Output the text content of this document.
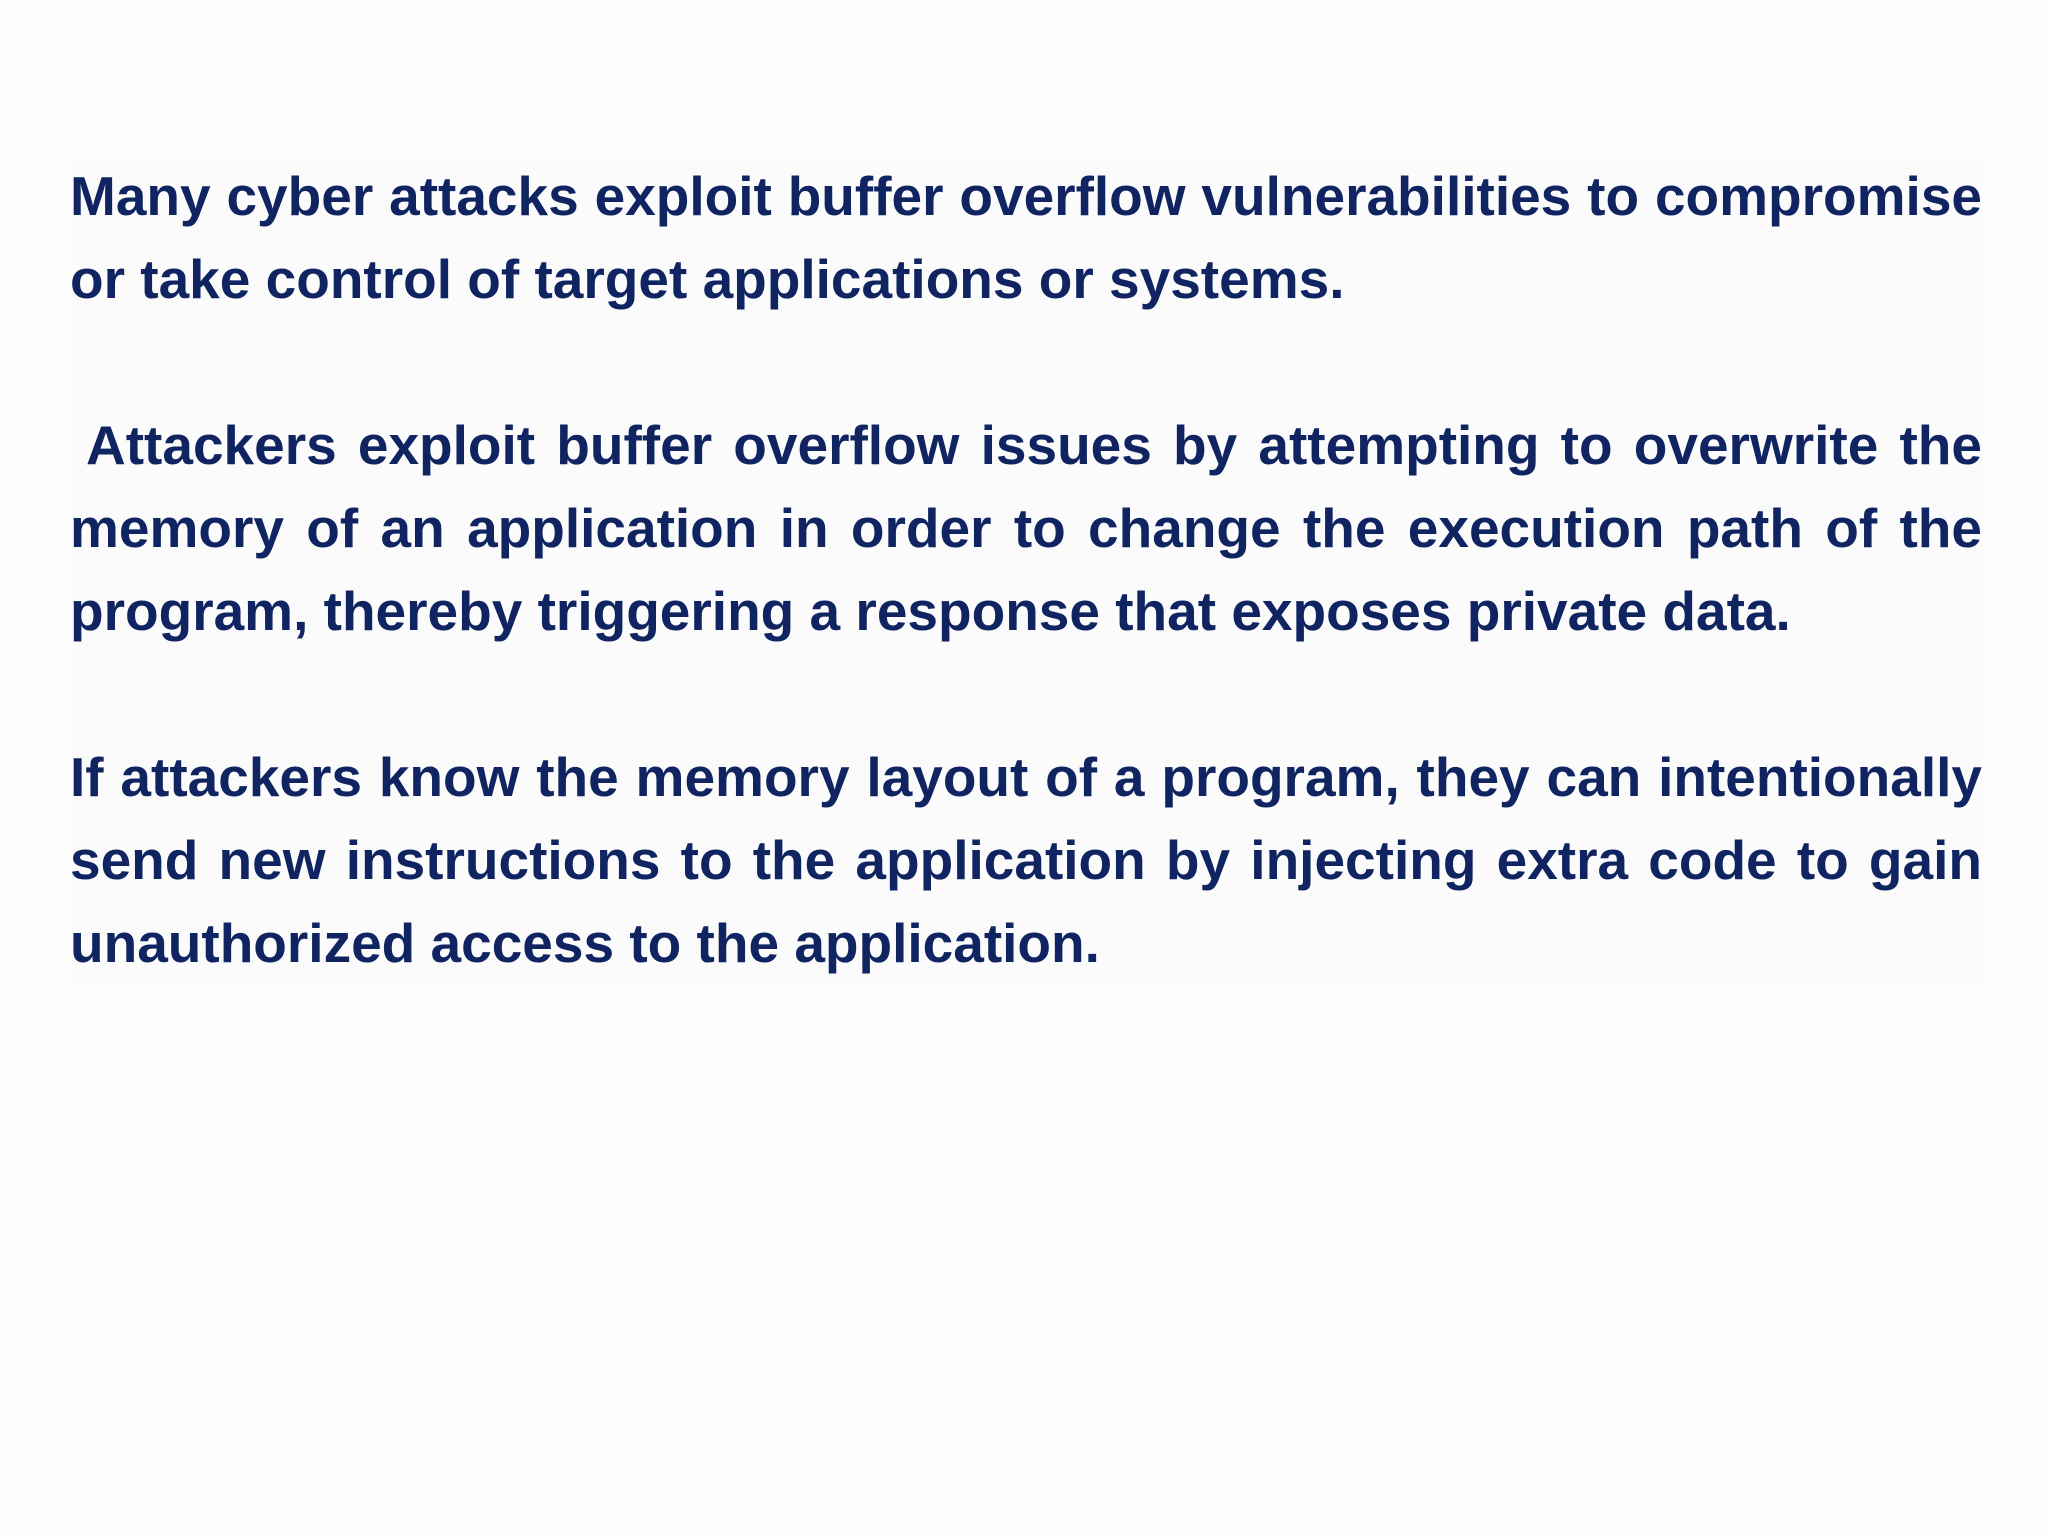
Many cyber attacks exploit buffer overflow vulnerabilities to compromise or take control of target applications or systems.

Attackers exploit buffer overflow issues by attempting to overwrite the memory of an application in order to change the execution path of the program, thereby triggering a response that exposes private data.

If attackers know the memory layout of a program, they can intentionally send new instructions to the application by injecting extra code to gain unauthorized access to the application.
